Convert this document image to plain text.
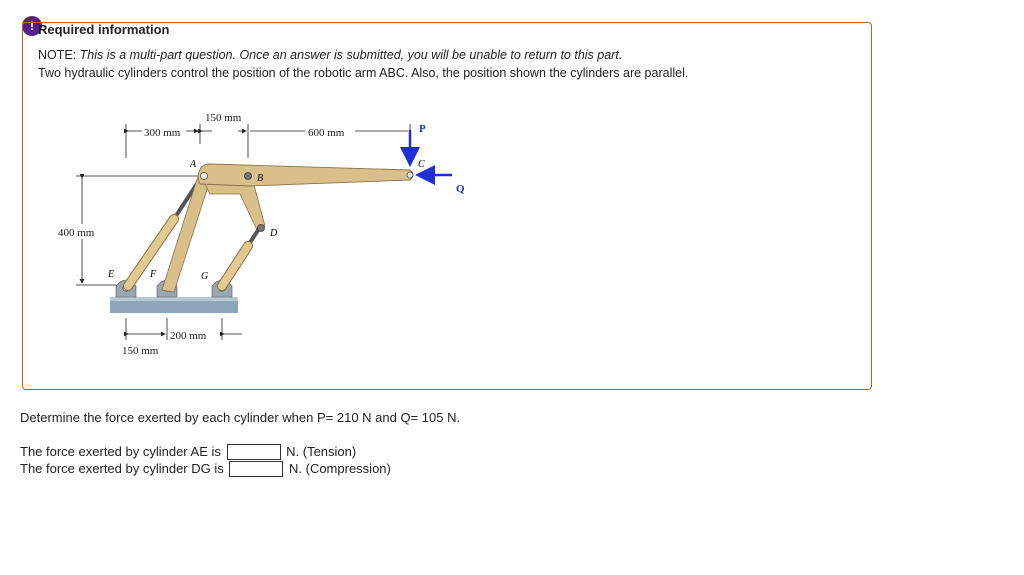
! Required information
NOTE: This is a multi-part question. Once an answer is submitted, you will be unable to return to this part.
Two hydraulic cylinders control the position of the robotic arm ABC. Also, the position shown the cylinders are parallel.
150 mm
300 mm	600 mm
400 mm
A
B
C
D
E	F	G
P
Q
200 mm
150 mm
Determine the force exerted by each cylinder when P= 210 N and Q= 105 N.
The force exerted by cylinder AE is	N. (Tension)
The force exerted by cylinder DG is	N. (Compression)
